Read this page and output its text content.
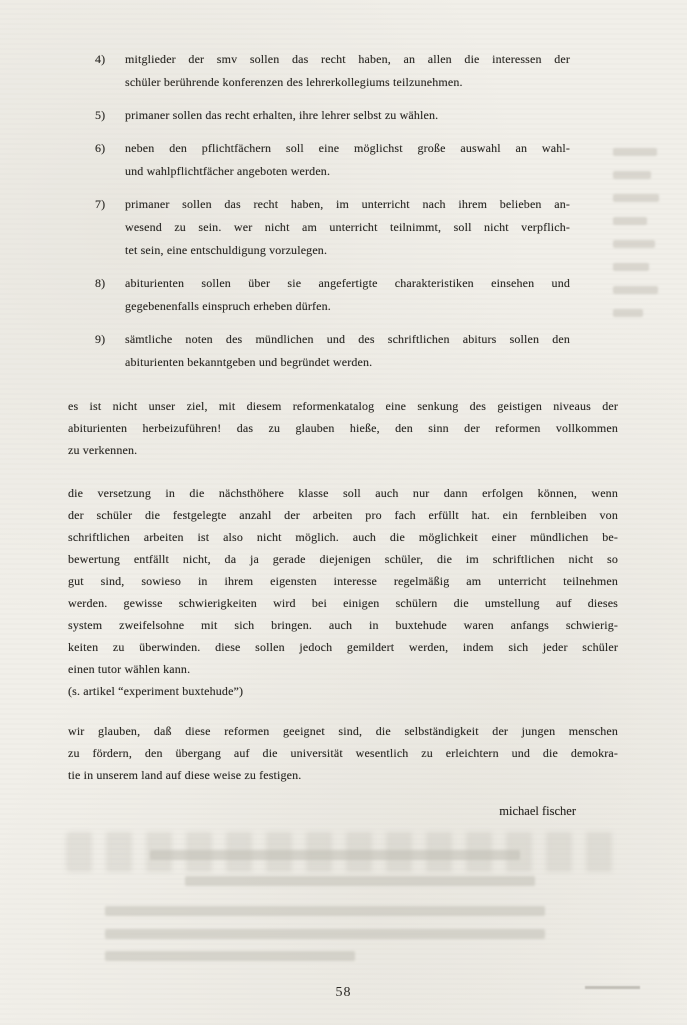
4)	mitglieder der smv sollen das recht haben, an allen die interessen der
schüler berührende konferenzen des lehrerkollegiums teilzunehmen.
5)	primaner sollen das recht erhalten, ihre lehrer selbst zu wählen.
6)	neben den pflichtfächern soll eine möglichst große auswahl an wahl-
und wahlpflichtfächer angeboten werden.
7)	primaner sollen das recht haben, im unterricht nach ihrem belieben an-
wesend zu sein. wer nicht am unterricht teilnimmt, soll nicht verpflich-
tet sein, eine entschuldigung vorzulegen.
8)	abiturienten sollen über sie angefertigte charakteristiken einsehen und
gegebenenfalls einspruch erheben dürfen.
9)	sämtliche noten des mündlichen und des schriftlichen abiturs sollen den
abiturienten bekanntgeben und begründet werden.
es ist nicht unser ziel, mit diesem reformenkatalog eine senkung des geistigen niveaus der
abiturienten herbeizuführen! das zu glauben hieße, den sinn der reformen vollkommen
zu verkennen.
die versetzung in die nächsthöhere klasse soll auch nur dann erfolgen können, wenn
der schüler die festgelegte anzahl der arbeiten pro fach erfüllt hat. ein fernbleiben von
schriftlichen arbeiten ist also nicht möglich. auch die möglichkeit einer mündlichen be-
bewertung entfällt nicht, da ja gerade diejenigen schüler, die im schriftlichen nicht so
gut sind, sowieso in ihrem eigensten interesse regelmäßig am unterricht teilnehmen
werden. gewisse schwierigkeiten wird bei einigen schülern die umstellung auf dieses
system zweifelsohne mit sich bringen. auch in buxtehude waren anfangs schwierig-
keiten zu überwinden. diese sollen jedoch gemildert werden, indem sich jeder schüler
einen tutor wählen kann.
(s. artikel “experiment buxtehude”)
wir glauben, daß diese reformen geeignet sind, die selbständigkeit der jungen menschen
zu fördern, den übergang auf die universität wesentlich zu erleichtern und die demokra-
tie in unserem land auf diese weise zu festigen.
michael fischer
58
